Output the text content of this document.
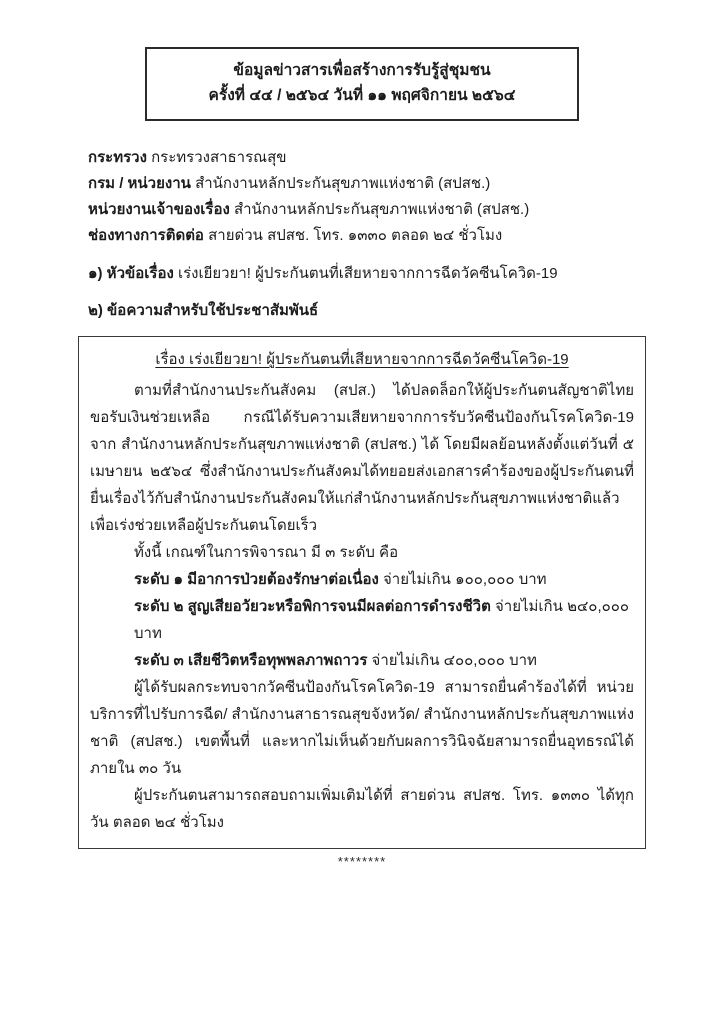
ข้อมูลข่าวสารเพื่อสร้างการรับรู้สู่ชุมชน
ครั้งที่ ๔๔ / ๒๕๖๔ วันที่ ๑๑ พฤศจิกายน ๒๕๖๔
กระทรวง กระทรวงสาธารณสุข
กรม / หน่วยงาน สำนักงานหลักประกันสุขภาพแห่งชาติ (สปสช.)
หน่วยงานเจ้าของเรื่อง สำนักงานหลักประกันสุขภาพแห่งชาติ (สปสช.)
ช่องทางการติดต่อ สายด่วน สปสช. โทร. ๑๓๓๐ ตลอด ๒๔ ชั่วโมง
๑) หัวข้อเรื่อง เร่งเยียวยา! ผู้ประกันตนที่เสียหายจากการฉีดวัคซีนโควิด-19
๒) ข้อความสำหรับใช้ประชาสัมพันธ์

เรื่อง เร่งเยียวยา! ผู้ประกันตนที่เสียหายจากการฉีดวัคซีนโควิด-19

ตามที่สำนักงานประกันสังคม (สปส.) ได้ปลดล็อกให้ผู้ประกันตนสัญชาติไทย ขอรับเงินช่วยเหลือ กรณีได้รับความเสียหายจากการรับวัคซีนป้องกันโรคโควิด-19 จาก สำนักงานหลักประกันสุขภาพแห่งชาติ (สปสช.) ได้ โดยมีผลย้อนหลังตั้งแต่วันที่ ๕ เมษายน ๒๕๖๔ ซึ่งสำนักงานประกันสังคมได้ทยอยส่งเอกสารคำร้องของผู้ประกันตนที่ยื่นเรื่องไว้กับสำนักงานประกันสังคมให้แก่สำนักงานหลักประกันสุขภาพแห่งชาติแล้ว เพื่อเร่งช่วยเหลือผู้ประกันตนโดยเร็ว

ทั้งนี้ เกณฑ์ในการพิจารณา มี ๓ ระดับ คือ

ระดับ ๑ มีอาการป่วยต้องรักษาต่อเนื่อง จ่ายไม่เกิน ๑๐๐,๐๐๐ บาท

ระดับ ๒ สูญเสียอวัยวะหรือพิการจนมีผลต่อการดำรงชีวิต จ่ายไม่เกิน ๒๔๐,๐๐๐ บาท

ระดับ ๓ เสียชีวิตหรือทุพพลภาพถาวร จ่ายไม่เกิน ๔๐๐,๐๐๐ บาท

ผู้ได้รับผลกระทบจากวัคซีนป้องกันโรคโควิด-19 สามารถยื่นคำร้องได้ที่ หน่วยบริการที่ไปรับการฉีด/ สำนักงานสาธารณสุขจังหวัด/ สำนักงานหลักประกันสุขภาพแห่งชาติ (สปสช.) เขตพื้นที่ และหากไม่เห็นด้วยกับผลการวินิจฉัยสามารถยื่นอุทธรณ์ได้ภายใน ๓๐ วัน

ผู้ประกันตนสามารถสอบถามเพิ่มเติมได้ที่ สายด่วน สปสช. โทร. ๑๓๓๐ ได้ทุกวัน ตลอด ๒๔ ชั่วโมง

********
